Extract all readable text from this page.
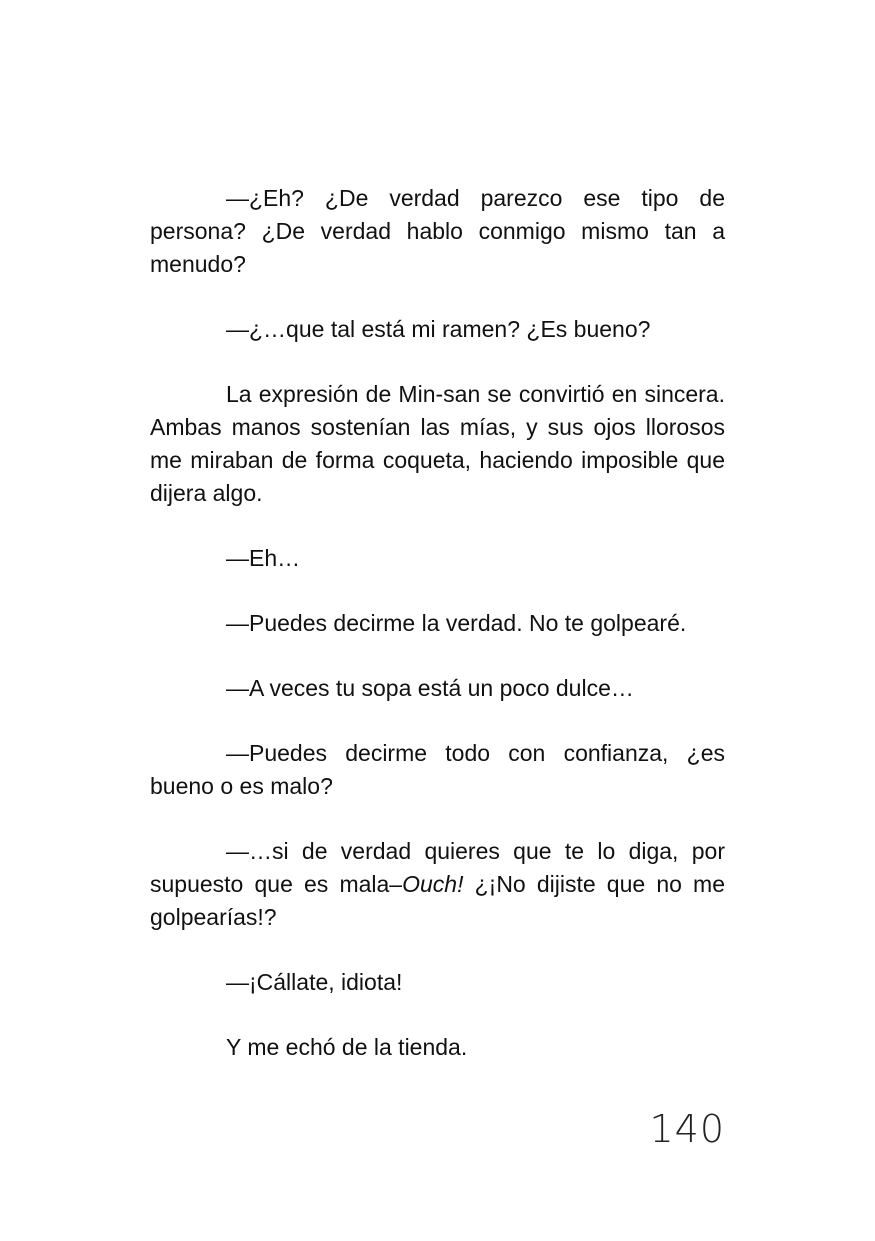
—¿Eh? ¿De verdad parezco ese tipo de persona? ¿De verdad hablo conmigo mismo tan a menudo?

—¿…que tal está mi ramen? ¿Es bueno?

La expresión de Min-san se convirtió en sincera. Ambas manos sostenían las mías, y sus ojos llorosos me miraban de forma coqueta, haciendo imposible que dijera algo.

—Eh…

—Puedes decirme la verdad. No te golpearé.

—A veces tu sopa está un poco dulce…

—Puedes decirme todo con confianza, ¿es bueno o es malo?

—…si de verdad quieres que te lo diga, por supuesto que es mala–Ouch! ¿¡No dijiste que no me golpearías!?

—¡Cállate, idiota!

Y me echó de la tienda.

140
